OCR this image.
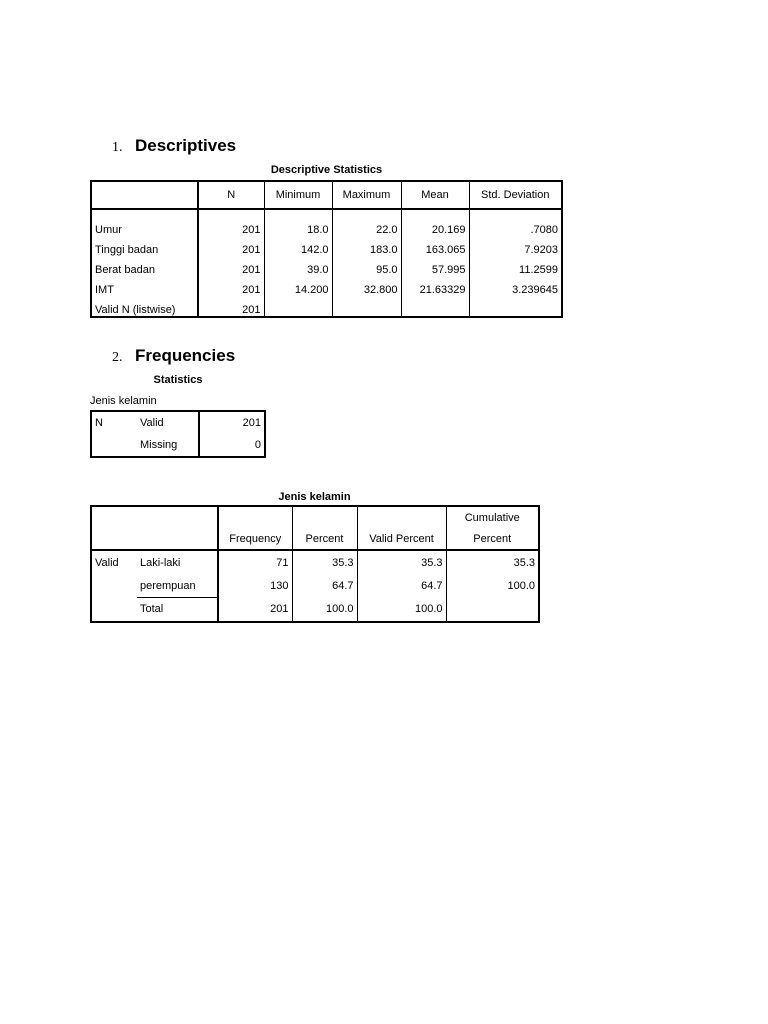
1. Descriptives
Descriptive Statistics
	N	Minimum	Maximum	Mean	Std. Deviation
Umur	201	18.0	22.0	20.169	.7080
Tinggi badan	201	142.0	183.0	163.065	7.9203
Berat badan	201	39.0	95.0	57.995	11.2599
IMT	201	14.200	32.800	21.63329	3.239645
Valid N (listwise)	201				
2. Frequencies
Statistics
Jenis kelamin
N	Valid	201
	Missing	0
Jenis kelamin
					Cumulative
		Frequency	Percent	Valid Percent	Percent
Valid	Laki-laki	71	35.3	35.3	35.3
	perempuan	130	64.7	64.7	100.0
	Total	201	100.0	100.0	
